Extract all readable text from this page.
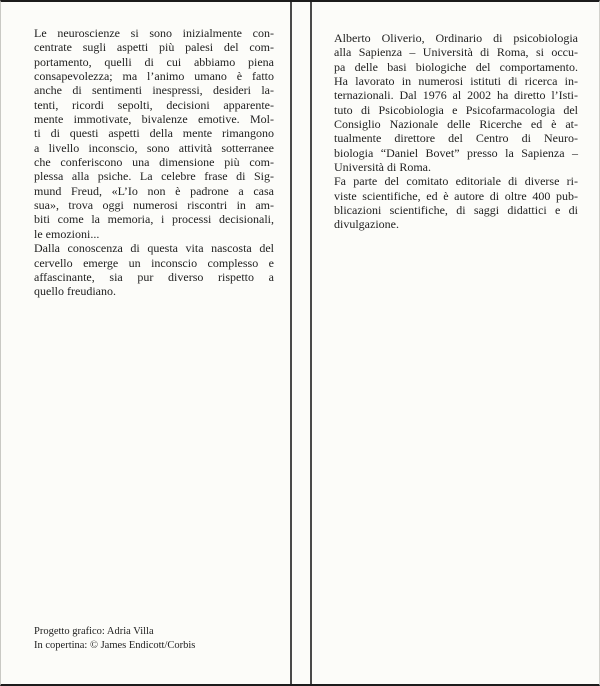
Le neuroscienze si sono inizialmente con-
centrate sugli aspetti più palesi del com-
portamento, quelli di cui abbiamo piena
consapevolezza; ma l’animo umano è fatto
anche di sentimenti inespressi, desideri la-
tenti, ricordi sepolti, decisioni apparente-
mente immotivate, bivalenze emotive. Mol-
ti di questi aspetti della mente rimangono
a livello inconscio, sono attività sotterranee
che conferiscono una dimensione più com-
plessa alla psiche. La celebre frase di Sig-
mund Freud, «L’Io non è padrone a casa
sua», trova oggi numerosi riscontri in am-
biti come la memoria, i processi decisionali,
le emozioni...
Dalla conoscenza di questa vita nascosta del
cervello emerge un inconscio complesso e
affascinante, sia pur diverso rispetto a
quello freudiano.
Progetto grafico: Adria Villa
In copertina: © James Endicott/Corbis
Alberto Oliverio, Ordinario di psicobiologia
alla Sapienza – Università di Roma, si occu-
pa delle basi biologiche del comportamento.
Ha lavorato in numerosi istituti di ricerca in-
ternazionali. Dal 1976 al 2002 ha diretto l’Isti-
tuto di Psicobiologia e Psicofarmacologia del
Consiglio Nazionale delle Ricerche ed è at-
tualmente direttore del Centro di Neuro-
biologia “Daniel Bovet” presso la Sapienza –
Università di Roma.
Fa parte del comitato editoriale di diverse ri-
viste scientifiche, ed è autore di oltre 400 pub-
blicazioni scientifiche, di saggi didattici e di
divulgazione.
